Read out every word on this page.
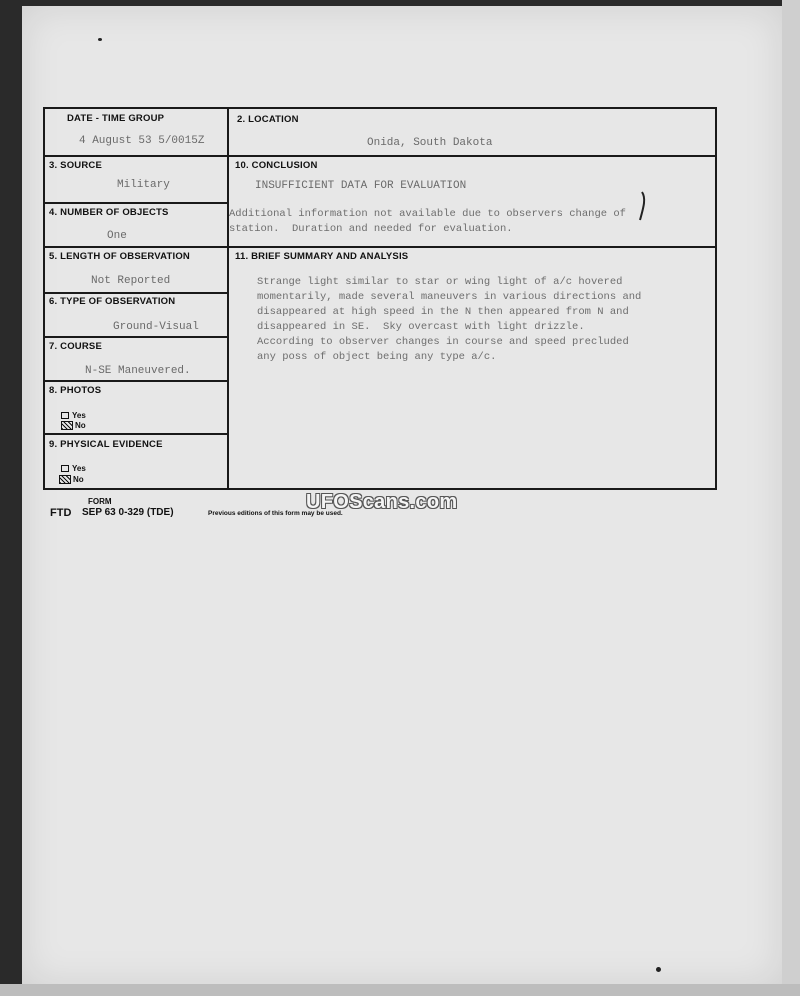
DATE - TIME GROUP
4 August 53 5/0015Z
2. LOCATION
Onida, South Dakota
3. SOURCE
Military
10. CONCLUSION
INSUFFICIENT DATA FOR EVALUATION
Additional information not available due to observers change of
station.  Duration and needed for evaluation.
4. NUMBER OF OBJECTS
One
5. LENGTH OF OBSERVATION
Not Reported
11. BRIEF SUMMARY AND ANALYSIS
Strange light similar to star or wing light of a/c hovered
momentarily, made several maneuvers in various directions and
disappeared at high speed in the N then appeared from N and
disappeared in SE.  Sky overcast with light drizzle.
According to observer changes in course and speed precluded
any poss of object being any type a/c.
6. TYPE OF OBSERVATION
Ground-Visual
7. COURSE
N-SE Maneuvered.
8. PHOTOS
Yes
No
9. PHYSICAL EVIDENCE
Yes
No
FORM
FTD SEP 63 0-329 (TDE)	Previous editions of this form may be used.
UFOScans.com
